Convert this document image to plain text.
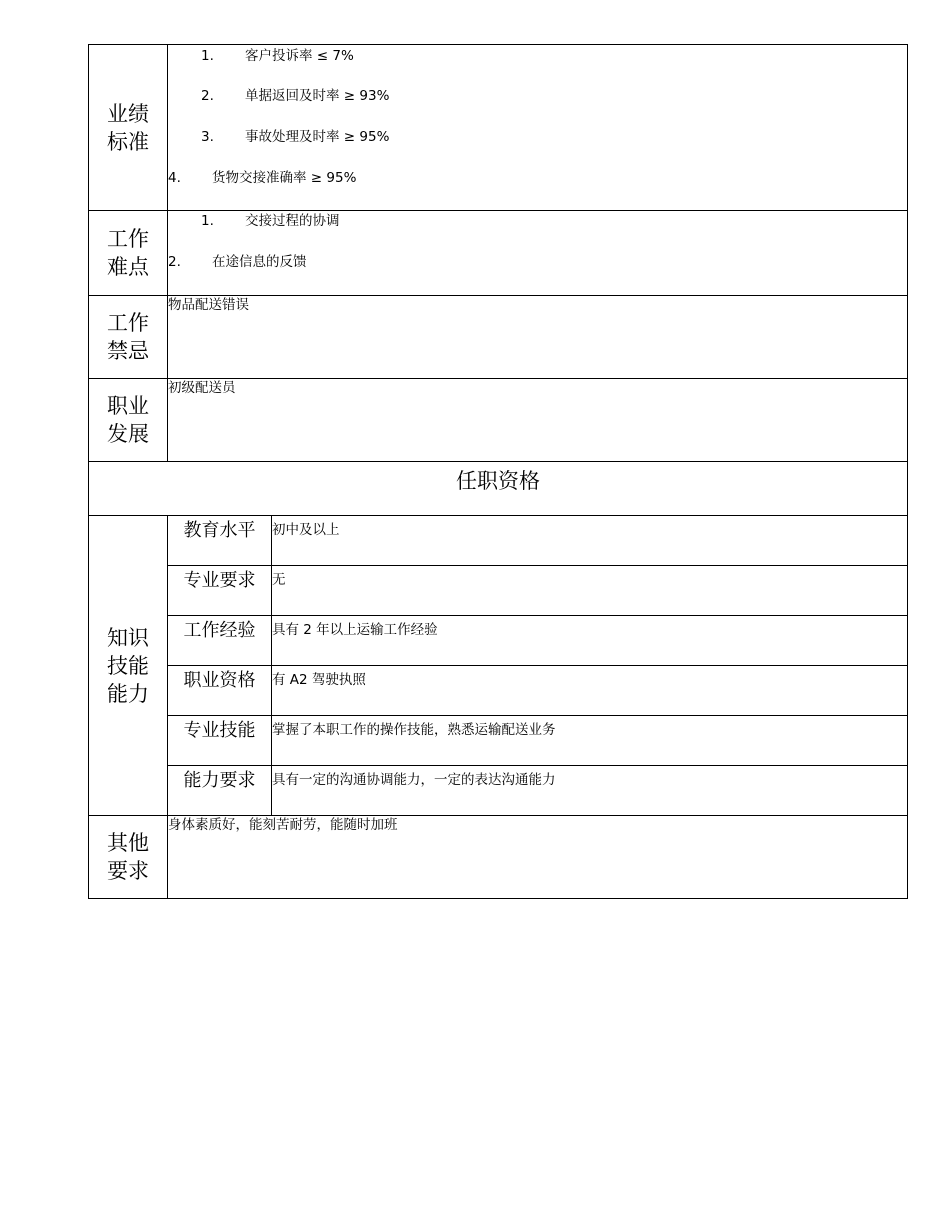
业绩标准	1. 客户投诉率 ≤ 7%
2. 单据返回及时率 ≥ 93%
3. 事故处理及时率 ≥ 95%
4. 货物交接准确率 ≥ 95%	

工作难点	1. 交接过程的协调
2. 在途信息的反馈	

工作禁忌	物品配送错误	
职业发展	初级配送员	
任职资格		
知识技能能力	教育水平	初中及以上
	专业要求	无
	工作经验	具有 2 年以上运输工作经验
	职业资格	有 A2 驾驶执照
	专业技能	掌握了本职工作的操作技能，熟悉运输配送业务
	能力要求	具有一定的沟通协调能力，一定的表达沟通能力
其他要求	身体素质好，能刻苦耐劳，能随时加班	
